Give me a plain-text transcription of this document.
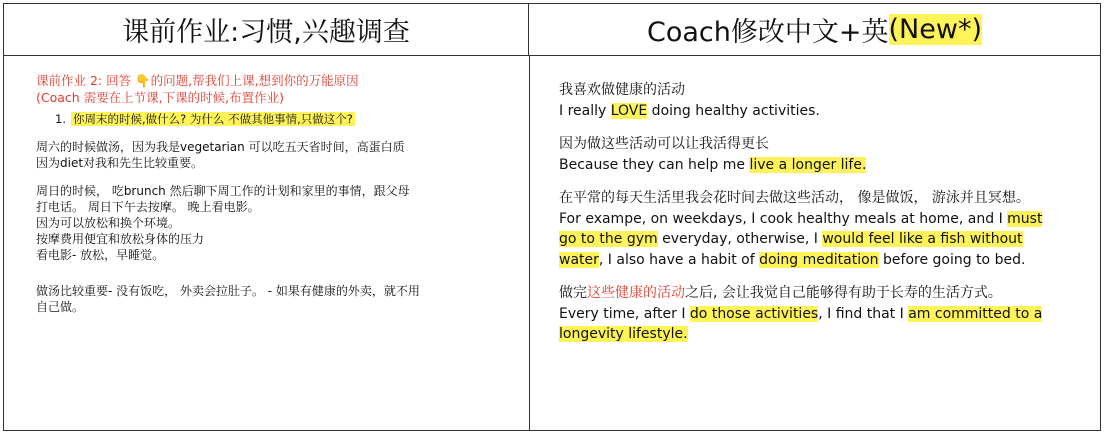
课前作业:习惯,兴趣调查	Coach修改中文+英 (New*)
课前作业 2: 回答 👇的问题,帮我们上课,想到你的万能原因
(Coach 需要在上节课,下课的时候,布置作业)
1. 你周末的时候,做什么? 为什么 不做其他事情,只做这个?
周六的时候做汤，因为我是vegetarian 可以吃五天省时间，高蛋白质
因为diet对我和先生比较重要。
周日的时候， 吃brunch 然后聊下周工作的计划和家里的事情，跟父母
打电话。 周日下午去按摩。 晚上看电影。
因为可以放松和换个环境。
按摩费用便宜和放松身体的压力
看电影- 放松，早睡觉。
做汤比较重要- 没有饭吃， 外卖会拉肚子。 - 如果有健康的外卖，就不用
自己做。
我喜欢做健康的活动
I really LOVE doing healthy activities.
因为做这些活动可以让我活得更长
Because they can help me live a longer life.
在平常的每天生活里我会花时间去做这些活动， 像是做饭， 游泳并且冥想。
For exampe, on weekdays, I cook healthy meals at home, and I must go to the gym everyday, otherwise, I would feel like a fish without water, I also have a habit of doing meditation before going to bed.
做完这些健康的活动之后, 会让我觉自己能够得有助于长寿的生活方式。
Every time, after I do those activities, I find that I am committed to a longevity lifestyle.
